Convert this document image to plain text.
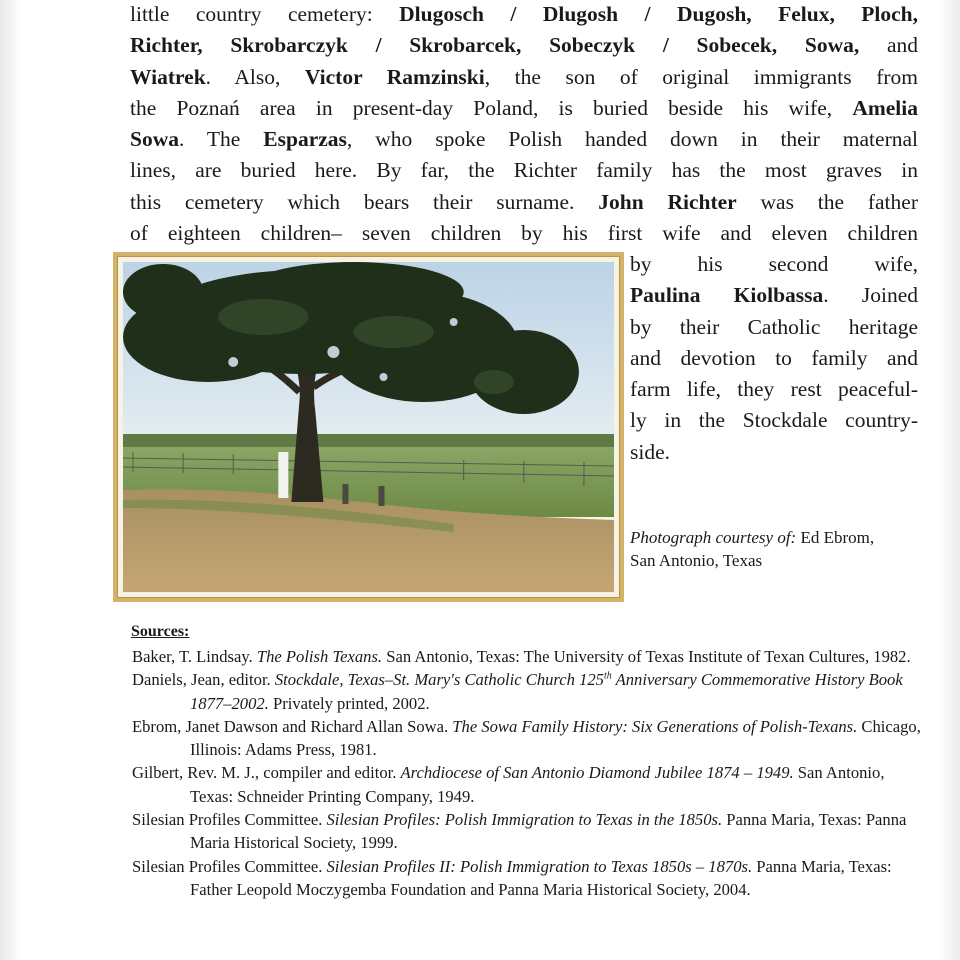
little country cemetery: Dlugosch / Dlugosh / Dugosh, Felux, Ploch,
Richter, Skrobarczyk / Skrobarcek, Sobeczyk / Sobecek, Sowa, and
Wiatrek. Also, Victor Ramzinski, the son of original immigrants from
the Poznań area in present-day Poland, is buried beside his wife, Amelia
Sowa. The Esparzas, who spoke Polish handed down in their maternal
lines, are buried here. By far, the Richter family has the most graves in
this cemetery which bears their surname. John Richter was the father
of eighteen children– seven children by his first wife and eleven children
by his second wife,
Paulina Kiolbassa. Joined
by their Catholic heritage
and devotion to family and
farm life, they rest peaceful-
ly in the Stockdale country-
side.
Photograph courtesy of: Ed Ebrom, San Antonio, Texas
Sources:

Baker, T. Lindsay. The Polish Texans. San Antonio, Texas: The University of Texas Institute of Texan Cultures, 1982.

Daniels, Jean, editor. Stockdale, Texas–St. Mary's Catholic Church 125th Anniversary Commemorative History Book 1877–2002. Privately printed, 2002.

Ebrom, Janet Dawson and Richard Allan Sowa. The Sowa Family History: Six Generations of Polish-Texans. Chicago, Illinois: Adams Press, 1981.

Gilbert, Rev. M. J., compiler and editor. Archdiocese of San Antonio Diamond Jubilee 1874 – 1949. San Antonio, Texas: Schneider Printing Company, 1949.

Silesian Profiles Committee. Silesian Profiles: Polish Immigration to Texas in the 1850s. Panna Maria, Texas: Panna Maria Historical Society, 1999.

Silesian Profiles Committee. Silesian Profiles II: Polish Immigration to Texas 1850s – 1870s. Panna Maria, Texas: Father Leopold Moczygemba Foundation and Panna Maria Historical Society, 2004.
